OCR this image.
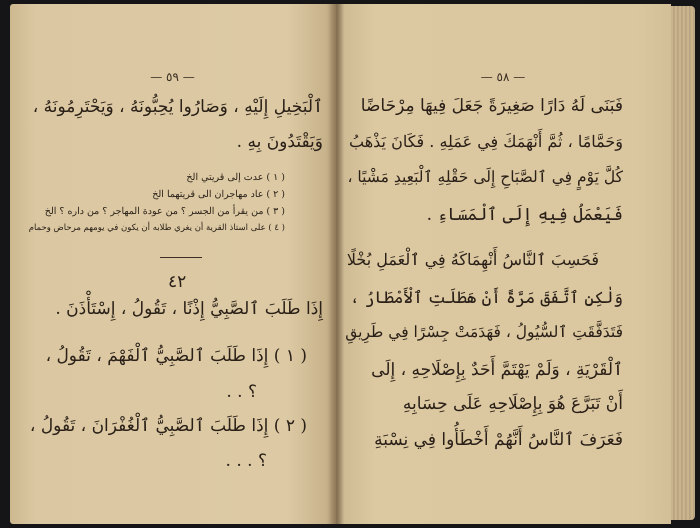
— ٥٩ —
ٱلْبَخِيلِ إِلَيْهِ ، وَصَارُوا يُحِبُّونَهُ ، وَيَحْتَرِمُونَهُ ،
وَيَقْتَدُونَ بِهِ .
( ١ ) عدت إلى قريتي الخ
( ٢ ) عاد مهاجران الى قريتهما الخ
( ٣ ) من يقرأ من الجسر ؟ من عودة المهاجر ؟ من داره ؟ الخ
( ٤ ) على استاذ القرية أن يغري طلابه أن يكون في يومهم مرحاض وحمام
٤٢
إِذَا طَلَبَ ٱلصَّبِيُّ إِذْنًا ، تَقُولُ ، إِسْتَأْذَنَ .
( ١ ) إِذَا طَلَبَ ٱلصَّبِيُّ ٱلْفَهْمَ ، تَقُولُ ،
؟ . .
( ٢ ) إِذَا طَلَبَ ٱلصَّبِيُّ ٱلْغُفْرَانَ ، تَقُولُ ،
؟ . . .
— ٥٨ —
فَبَنَى لَهُ دَارًا صَغِيرَةً جَعَلَ فِيهَا مِرْحَاضًا
وَحَمَّامًا ، ثُمَّ أَنْهَمَكَ فِي عَمَلِهِ . فَكَانَ يَذْهَبُ
كُلَّ يَوْمٍ فِي ٱلصَّبَاحِ إِلَى حَقْلِهِ ٱلْبَعِيدِ مَشْيًا ،
فَيَعْمَلُ فِيهِ إِلَى ٱلْمَسَاءِ .
فَحَسِبَ ٱلنَّاسُ أَنْهِمَاكَهُ فِي ٱلْعَمَلِ بُخْلًا
وَلٰكِنِ ٱتَّفَقَ مَرَّةً أَنْ هَطَلَتِ ٱلْأَمْطَارُ ،
فَتَدَفَّقَتِ ٱلسُّيُولُ ، فَهَدَمَتْ جِسْرًا فِي طَرِيقِ
ٱلْقَرْيَةِ ، وَلَمْ يَهْتَمَّ أَحَدٌ بِإِصْلَاحِهِ ، إِلَى
أَنْ تَبَرَّعَ هُوَ بِإِصْلَاحِهِ عَلَى حِسَابِهِ
فَعَرَفَ ٱلنَّاسُ أَنَّهُمْ أَخْطَأُوا فِي نِسْبَةِ
